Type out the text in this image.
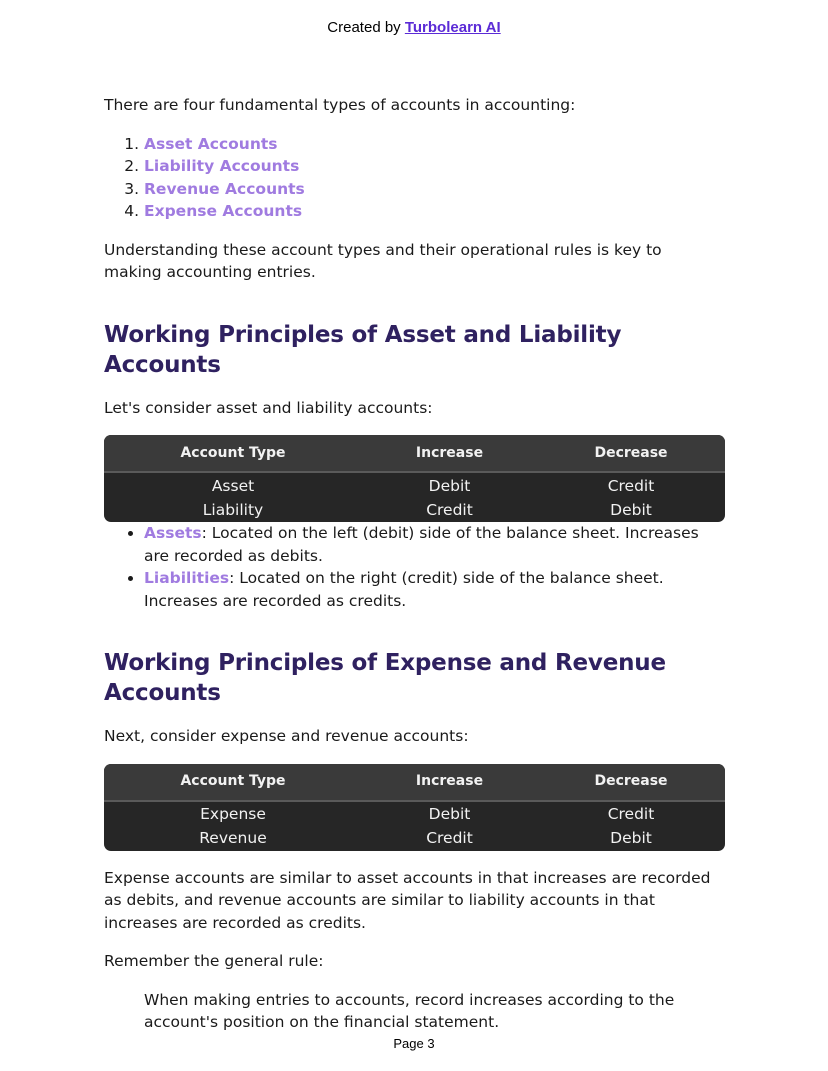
Created by Turbolearn AI

There are four fundamental types of accounts in accounting:

1. Asset Accounts
2. Liability Accounts
3. Revenue Accounts
4. Expense Accounts

Understanding these account types and their operational rules is key to making accounting entries.

Working Principles of Asset and Liability Accounts

Let's consider asset and liability accounts:

Account Type	Increase	Decrease
Asset	Debit	Credit
Liability	Credit	Debit
• Assets: Located on the left (debit) side of the balance sheet. Increases are recorded as debits.
• Liabilities: Located on the right (credit) side of the balance sheet. Increases are recorded as credits.
Working Principles of Expense and Revenue Accounts

Next, consider expense and revenue accounts:

Account Type	Increase	Decrease
Expense	Debit	Credit
Revenue	Credit	Debit

Expense accounts are similar to asset accounts in that increases are recorded as debits, and revenue accounts are similar to liability accounts in that increases are recorded as credits.

Remember the general rule:

When making entries to accounts, record increases according to the account's position on the financial statement.

Page 3
